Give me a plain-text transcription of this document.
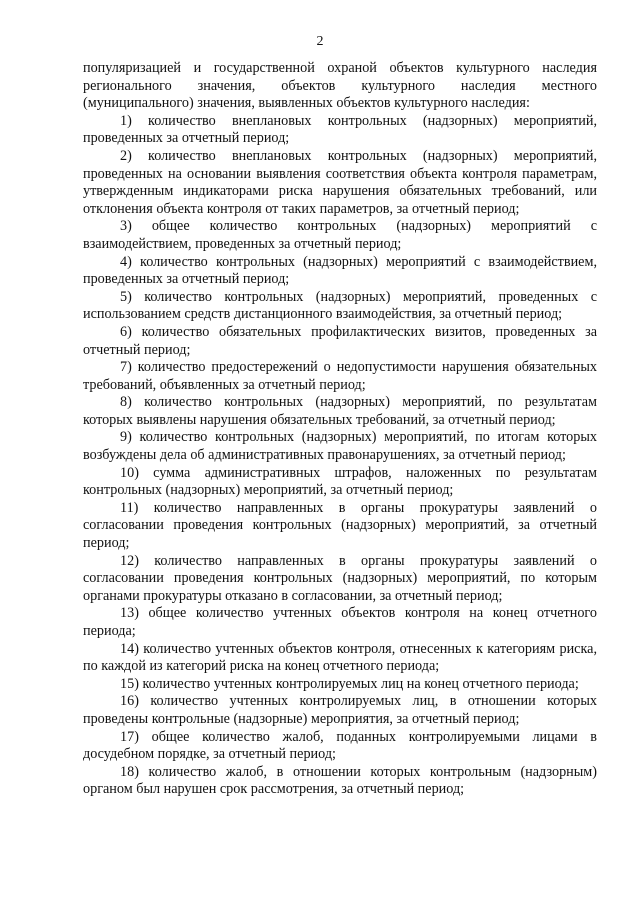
2

популяризацией и государственной охраной объектов культурного наследия регионального значения, объектов культурного наследия местного (муниципального) значения, выявленных объектов культурного наследия:

1) количество внеплановых контрольных (надзорных) мероприятий, проведенных за отчетный период;

2) количество внеплановых контрольных (надзорных) мероприятий, проведенных на основании выявления соответствия объекта контроля параметрам, утвержденным индикаторами риска нарушения обязательных требований, или отклонения объекта контроля от таких параметров, за отчетный период;

3) общее количество контрольных (надзорных) мероприятий с взаимодействием, проведенных за отчетный период;

4) количество контрольных (надзорных) мероприятий с взаимодействием, проведенных за отчетный период;

5) количество контрольных (надзорных) мероприятий, проведенных с использованием средств дистанционного взаимодействия, за отчетный период;

6) количество обязательных профилактических визитов, проведенных за отчетный период;

7) количество предостережений о недопустимости нарушения обязательных требований, объявленных за отчетный период;

8) количество контрольных (надзорных) мероприятий, по результатам которых выявлены нарушения обязательных требований, за отчетный период;

9) количество контрольных (надзорных) мероприятий, по итогам которых возбуждены дела об административных правонарушениях, за отчетный период;

10) сумма административных штрафов, наложенных по результатам контрольных (надзорных) мероприятий, за отчетный период;

11) количество направленных в органы прокуратуры заявлений о согласовании проведения контрольных (надзорных) мероприятий, за отчетный период;

12) количество направленных в органы прокуратуры заявлений о согласовании проведения контрольных (надзорных) мероприятий, по которым органами прокуратуры отказано в согласовании, за отчетный период;

13) общее количество учтенных объектов контроля на конец отчетного периода;

14) количество учтенных объектов контроля, отнесенных к категориям риска, по каждой из категорий риска на конец отчетного периода;

15) количество учтенных контролируемых лиц на конец отчетного периода;

16) количество учтенных контролируемых лиц, в отношении которых проведены контрольные (надзорные) мероприятия, за отчетный период;

17) общее количество жалоб, поданных контролируемыми лицами в досудебном порядке, за отчетный период;

18) количество жалоб, в отношении которых контрольным (надзорным) органом был нарушен срок рассмотрения, за отчетный период;
